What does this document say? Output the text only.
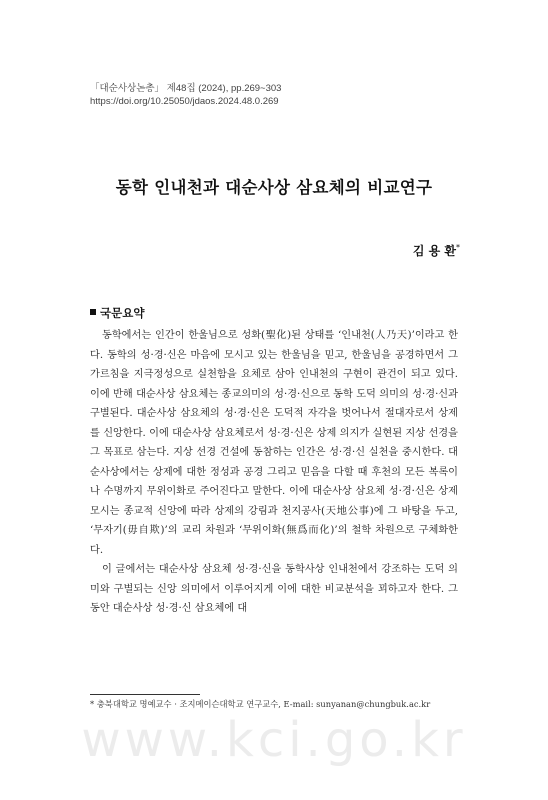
「대순사상논총」 제48집 (2024), pp.269~303
https://doi.org/10.25050/jdaos.2024.48.0.269
동학 인내천과 대순사상 삼요체의 비교연구
김 용 환*
국문요약

동학에서는 인간이 한울님으로 성화(聖化)된 상태를 ‘인내천(人乃天)’이라고 한다. 동학의 성·경·신은 마음에 모시고 있는 한울님을 믿고, 한울님을 공경하면서 그 가르침을 지극정성으로 실천함을 요체로 삼아 인내천의 구현이 관건이 되고 있다. 이에 반해 대순사상 삼요체는 종교의미의 성·경·신으로 동학 도덕 의미의 성·경·신과 구별된다. 대순사상 삼요체의 성·경·신은 도덕적 자각을 벗어나서 절대자로서 상제를 신앙한다. 이에 대순사상 삼요체로서 성·경·신은 상제 의지가 실현된 지상 선경을 그 목표로 삼는다. 지상 선경 건설에 동참하는 인간은 성·경·신 실천을 중시한다. 대순사상에서는 상제에 대한 정성과 공경 그리고 믿음을 다할 때 후천의 모든 복록이나 수명까지 무위이화로 주어진다고 말한다. 이에 대순사상 삼요체 성·경·신은 상제 모시는 종교적 신앙에 따라 상제의 강림과 천지공사(天地公事)에 그 바탕을 두고, ‘무자기(毋自欺)’의 교리 차원과 ‘무위이화(無爲而化)’의 철학 차원으로 구체화한다.

이 글에서는 대순사상 삼요체 성·경·신을 동학사상 인내천에서 강조하는 도덕 의미와 구별되는 신앙 의미에서 이루어지게 이에 대한 비교분석을 꾀하고자 한다. 그동안 대순사상 성·경·신 삼요체에 대

* 충북대학교 명예교수 · 조지메이슨대학교 연구교수, E-mail: sunyanan@chungbuk.ac.kr
www.kci.go.kr
